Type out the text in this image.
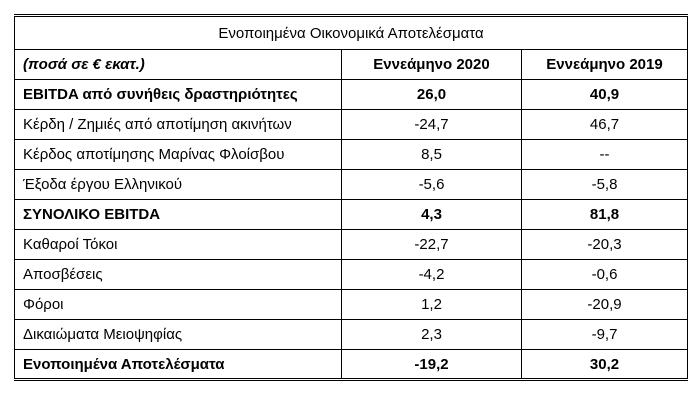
Ενοποιημένα Οικονομικά Αποτελέσματα		
(ποσά σε € εκατ.)	Εννεάμηνο 2020	Εννεάμηνο 2019
EBITDA από συνήθεις δραστηριότητες	26,0	40,9
Κέρδη / Ζημιές από αποτίμηση ακινήτων	-24,7	46,7
Κέρδος αποτίμησης Μαρίνας Φλοίσβου	8,5	--
Έξοδα έργου Ελληνικού	-5,6	-5,8
ΣΥΝΟΛΙΚΟ EBITDA	4,3	81,8
Καθαροί Τόκοι	-22,7	-20,3
Αποσβέσεις	-4,2	-0,6
Φόροι	1,2	-20,9
Δικαιώματα Μειοψηφίας	2,3	-9,7
Ενοποιημένα Αποτελέσματα	-19,2	30,2
